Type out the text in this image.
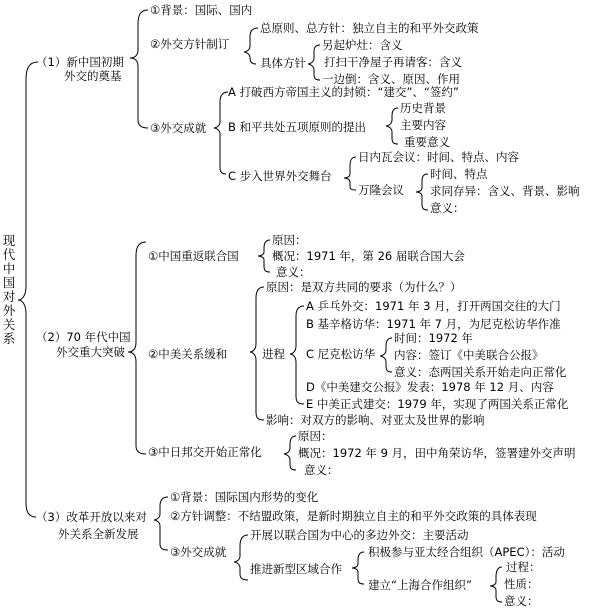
现代中国对外关系
（1）新中国初期
外交的奠基
①背景：国际、国内
②外交方针制订
总原则、总方针：独立自主的和平外交政策
具体方针
另起炉灶：含义
打扫干净屋子再请客：含义
一边倒：含义、原因、作用
③外交成就
A 打破西方帝国主义的封锁：“建交”、“签约”
B 和平共处五项原则的提出
历史背景
主要内容
重要意义
C 步入世界外交舞台
日内瓦会议：时间、特点、内容
万隆会议
时间、特点
求同存异：含义、背景、影响
意义：
（2）70 年代中国
外交重大突破
①中国重返联合国
原因：
概况：1971 年，第 26 届联合国大会
意义：
②中美关系缓和
原因：是双方共同的要求（为什么？）
进程
A 乒乓外交：1971 年 3 月，打开两国交往的大门
B 基辛格访华：1971 年 7 月，为尼克松访华作准
C 尼克松访华
时间：1972 年
内容：签订《中美联合公报》
意义：态两国关系开始走向正常化
D《中美建交公报》发表：1978 年 12 月、内容
E 中美正式建交：1979 年，实现了两国关系正常化
影响：对双方的影响、对亚太及世界的影响
③中日邦交开始正常化
原因：
概况：1972 年 9 月，田中角荣访华，签署建外交声明
意义：
（3）改革开放以来对
外关系全新发展
①背景：国际国内形势的变化
②方针调整：不结盟政策，是新时期独立自主的和平外交政策的具体表现
③外交成就
开展以联合国为中心的多边外交：主要活动
推进新型区域合作
积极参与亚太经合组织（APEC）：活动
建立“上海合作组织”
过程：
性质：
意义：
